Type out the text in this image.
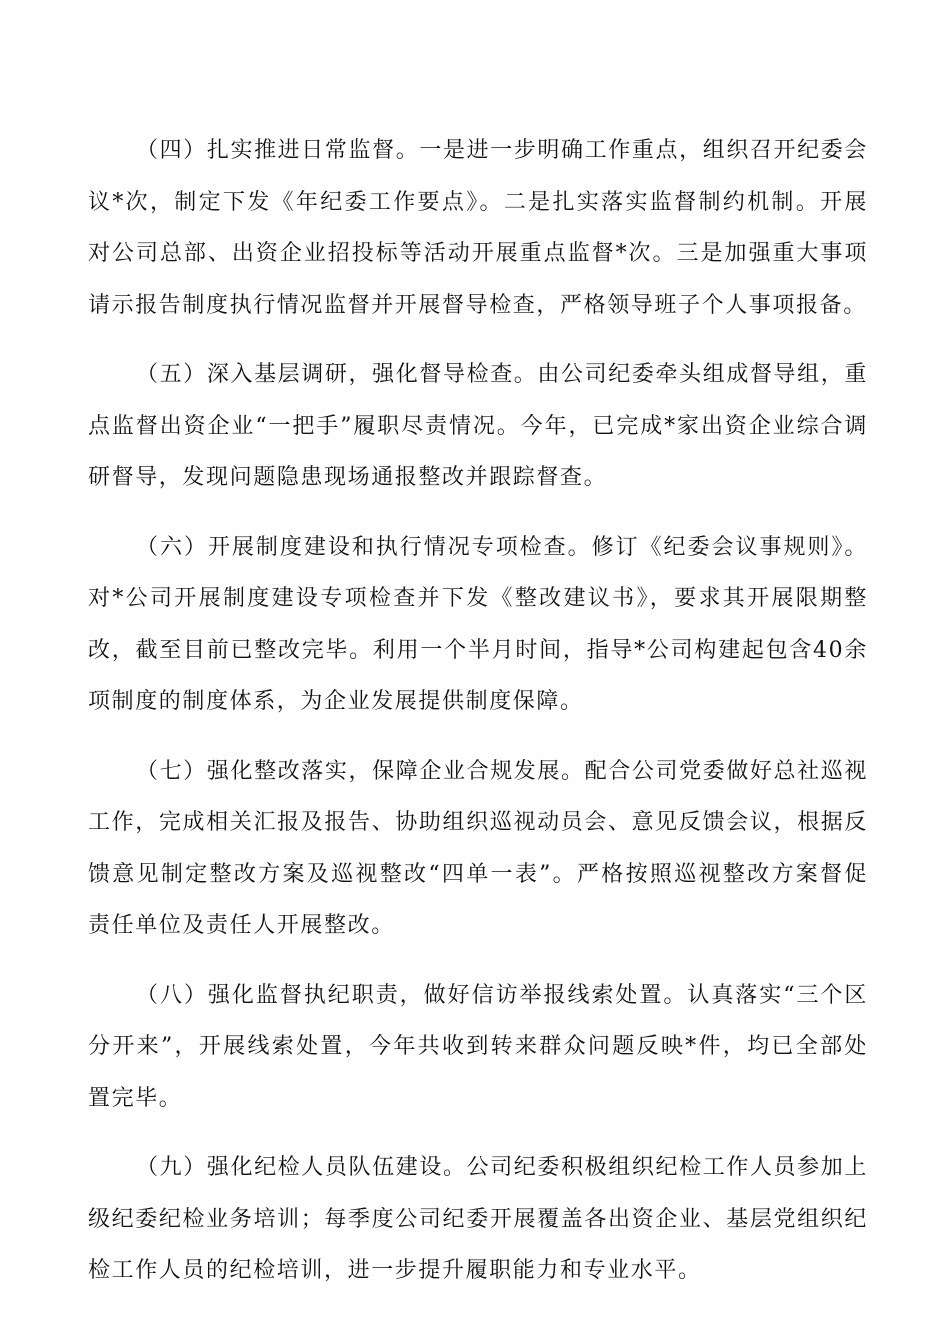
（四）扎实推进日常监督。一是进一步明确工作重点，组织召开纪委会议*次，制定下发《年纪委工作要点》。二是扎实落实监督制约机制。开展对公司总部、出资企业招投标等活动开展重点监督*次。三是加强重大事项请示报告制度执行情况监督并开展督导检查，严格领导班子个人事项报备。

（五）深入基层调研，强化督导检查。由公司纪委牵头组成督导组，重点监督出资企业“一把手”履职尽责情况。今年，已完成*家出资企业综合调研督导，发现问题隐患现场通报整改并跟踪督查。

（六）开展制度建设和执行情况专项检查。修订《纪委会议事规则》。对*公司开展制度建设专项检查并下发《整改建议书》，要求其开展限期整改，截至目前已整改完毕。利用一个半月时间，指导*公司构建起包含40余项制度的制度体系，为企业发展提供制度保障。

（七）强化整改落实，保障企业合规发展。配合公司党委做好总社巡视工作，完成相关汇报及报告、协助组织巡视动员会、意见反馈会议，根据反馈意见制定整改方案及巡视整改“四单一表”。严格按照巡视整改方案督促责任单位及责任人开展整改。

（八）强化监督执纪职责，做好信访举报线索处置。认真落实“三个区分开来”，开展线索处置，今年共收到转来群众问题反映*件，均已全部处置完毕。

（九）强化纪检人员队伍建设。公司纪委积极组织纪检工作人员参加上级纪委纪检业务培训；每季度公司纪委开展覆盖各出资企业、基层党组织纪检工作人员的纪检培训，进一步提升履职能力和专业水平。
